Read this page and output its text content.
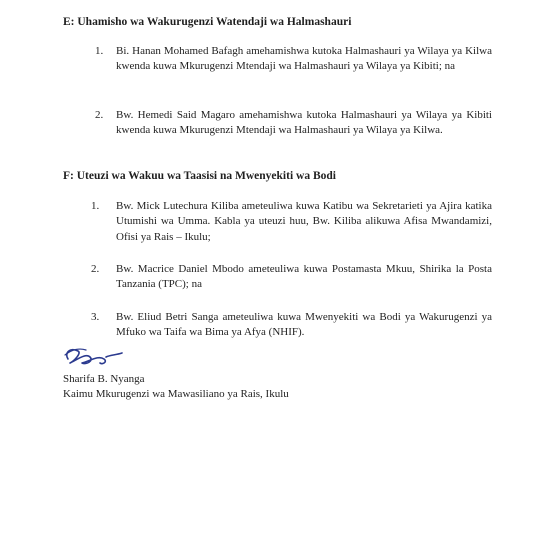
E: Uhamisho wa Wakurugenzi Watendaji wa Halmashauri
1. Bi. Hanan Mohamed Bafagh amehamishwa kutoka Halmashauri ya Wilaya ya Kilwa kwenda kuwa Mkurugenzi Mtendaji wa Halmashauri ya Wilaya ya Kibiti; na
2. Bw. Hemedi Said Magaro amehamishwa kutoka Halmashauri ya Wilaya ya Kibiti kwenda kuwa Mkurugenzi Mtendaji wa Halmashauri ya Wilaya ya Kilwa.
F: Uteuzi wa Wakuu wa Taasisi na Mwenyekiti wa Bodi
1. Bw. Mick Lutechura Kiliba ameteuliwa kuwa Katibu wa Sekretarieti ya Ajira katika Utumishi wa Umma. Kabla ya uteuzi huu, Bw. Kiliba alikuwa Afisa Mwandamizi, Ofisi ya Rais – Ikulu;
2. Bw. Macrice Daniel Mbodo ameteuliwa kuwa Postamasta Mkuu, Shirika la Posta Tanzania (TPC); na
3. Bw. Eliud Betri Sanga ameteuliwa kuwa Mwenyekiti wa Bodi ya Wakurugenzi ya Mfuko wa Taifa wa Bima ya Afya (NHIF).
Sharifa B. Nyanga
Kaimu Mkurugenzi wa Mawasiliano ya Rais, Ikulu
